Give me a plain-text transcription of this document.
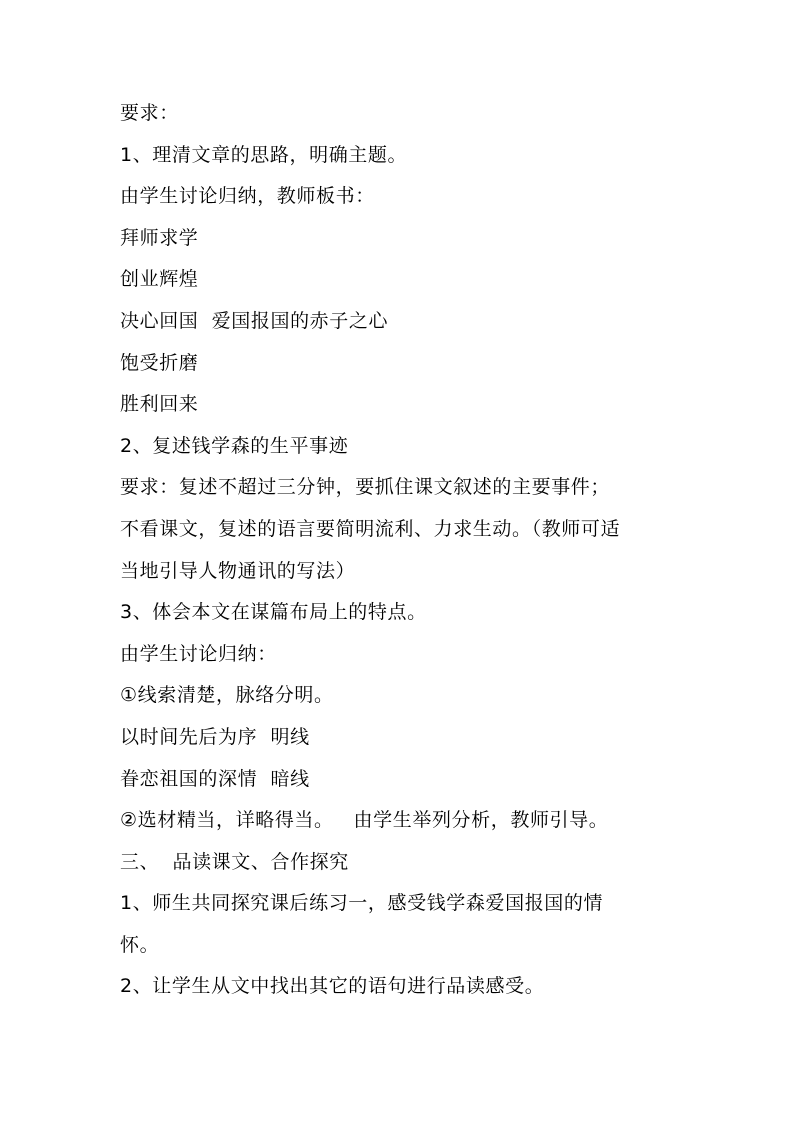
要求：
1、理清文章的思路，明确主题。
由学生讨论归纳，教师板书：
拜师求学
创业辉煌
决心回国  爱国报国的赤子之心
饱受折磨
胜利回来
2、复述钱学森的生平事迹
要求：复述不超过三分钟，要抓住课文叙述的主要事件；
不看课文，复述的语言要简明流利、力求生动。（教师可适
当地引导人物通讯的写法）
3、体会本文在谋篇布局上的特点。
由学生讨论归纳：
①线索清楚，脉络分明。
以时间先后为序  明线
眷恋祖国的深情  暗线
②选材精当，详略得当。   由学生举列分析，教师引导。
三、  品读课文、合作探究
1、师生共同探究课后练习一，感受钱学森爱国报国的情
怀。
2、让学生从文中找出其它的语句进行品读感受。
